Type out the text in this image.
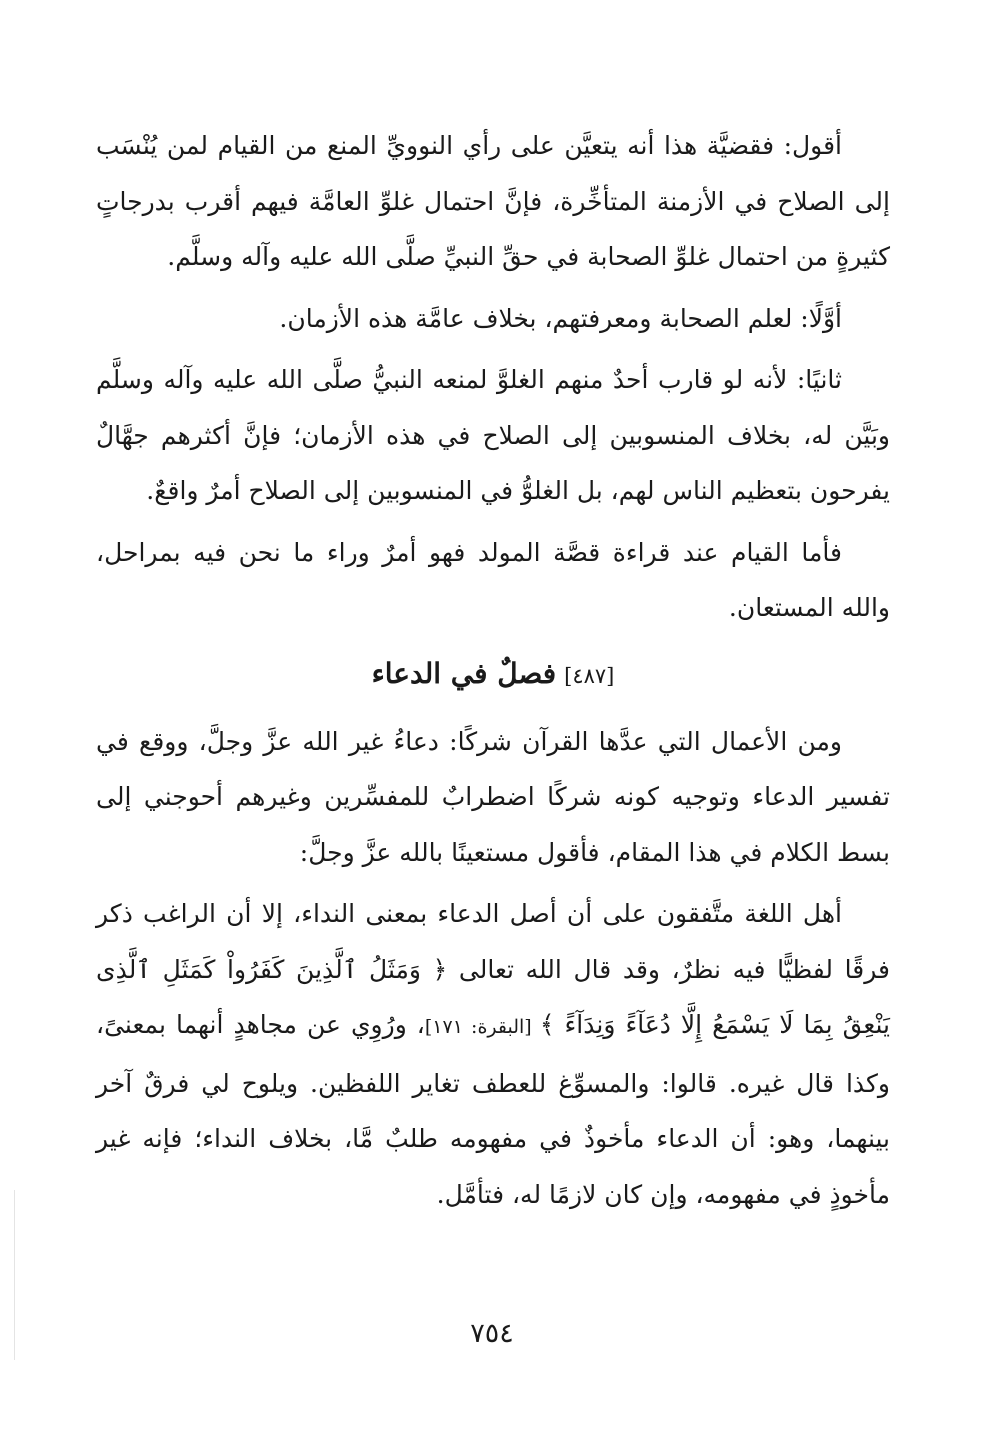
أقول: فقضيَّة هذا أنه يتعيَّن على رأي النوويِّ المنع من القيام لمن يُنْسَب إلى الصلاح في الأزمنة المتأخِّرة، فإنَّ احتمال غلوِّ العامَّة فيهم أقرب بدرجاتٍ كثيرةٍ من احتمال غلوِّ الصحابة في حقِّ النبيِّ صلَّى الله عليه وآله وسلَّم.

أوَّلًا: لعلم الصحابة ومعرفتهم، بخلاف عامَّة هذه الأزمان.

ثانيًا: لأنه لو قارب أحدٌ منهم الغلوَّ لمنعه النبيُّ صلَّى الله عليه وآله وسلَّم وبَيَّن له، بخلاف المنسوبين إلى الصلاح في هذه الأزمان؛ فإنَّ أكثرهم جهَّالٌ يفرحون بتعظيم الناس لهم، بل الغلوُّ في المنسوبين إلى الصلاح أمرٌ واقعٌ.

فأما القيام عند قراءة قصَّة المولد فهو أمرٌ وراء ما نحن فيه بمراحل، والله المستعان.

[٤٨٧]فصلٌ في الدعاء

ومن الأعمال التي عدَّها القرآن شركًا: دعاءُ غير الله عزَّ وجلَّ، ووقع في تفسير الدعاء وتوجيه كونه شركًا اضطرابٌ للمفسِّرين وغيرهم أحوجني إلى بسط الكلام في هذا المقام، فأقول مستعينًا بالله عزَّ وجلَّ:

أهل اللغة متَّفقون على أن أصل الدعاء بمعنى النداء، إلا أن الراغب ذكر فرقًا لفظيًّا فيه نظرٌ، وقد قال الله تعالى ﴿ وَمَثَلُ ٱلَّذِينَ كَفَرُواْ كَمَثَلِ ٱلَّذِى يَنْعِقُ بِمَا لَا يَسْمَعُ إِلَّا دُعَآءً وَنِدَآءً ﴾ [البقرة: ١٧١]، ورُوِي عن مجاهدٍ أنهما بمعنىً، وكذا قال غيره. قالوا: والمسوِّغ للعطف تغاير اللفظين. ويلوح لي فرقٌ آخر بينهما، وهو: أن الدعاء مأخوذٌ في مفهومه طلبٌ مَّا، بخلاف النداء؛ فإنه غير مأخوذٍ في مفهومه، وإن كان لازمًا له، فتأمَّل.

٧٥٤
